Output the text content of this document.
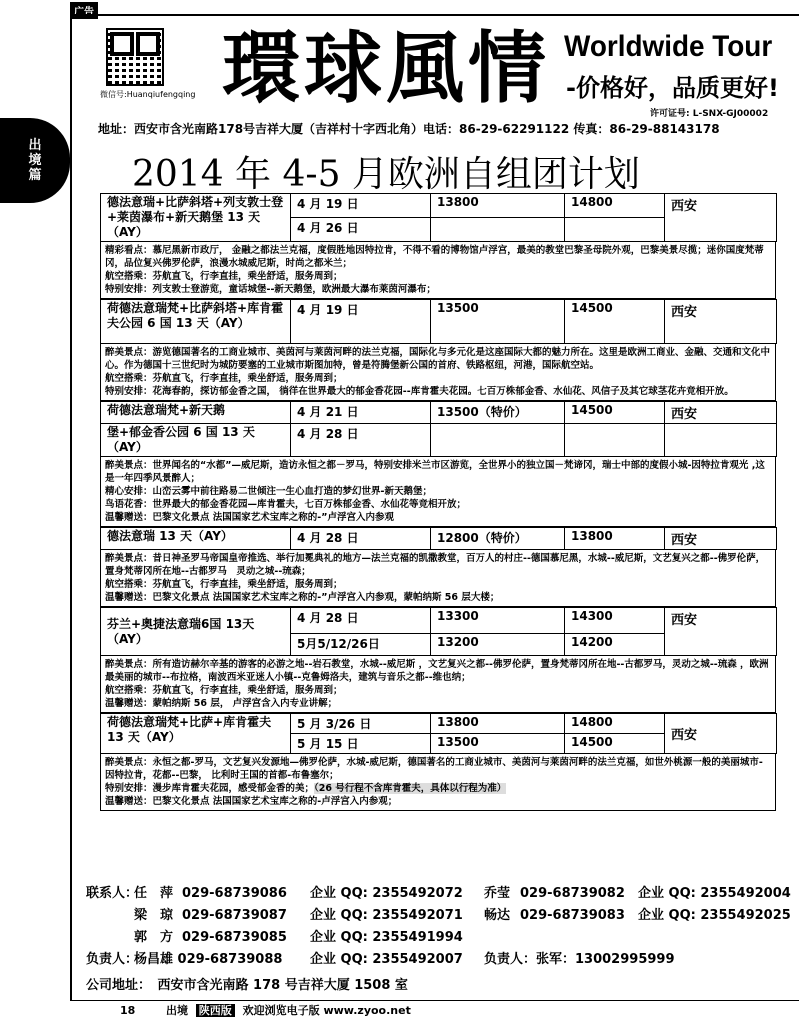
广告
出
境
篇
微信号:Huanqiufengqing 環球風情 Worldwide Tour
-价格好，品质更好!
许可证号: L-SNX-GJ00002
地址：西安市含光南路178号吉祥大厦（吉祥村十字西北角）电话：86-29-62291122 传真：86-29-88143178
2014 年 4-5 月欧洲自组团计划
德法意瑞+比萨斜塔+列支敦士登+莱茵瀑布+新天鹅堡 13 天（AY）	4 月 19 日	13800	14800	西安
	4 月 26 日			

精彩看点：慕尼黑新市政厅， 金融之都法兰克福，度假胜地因特拉肯，不得不看的博物馆卢浮宫，最美的教堂巴黎圣母院外观，巴黎美景尽揽；迷你国度梵蒂冈，品位复兴佛罗伦萨，浪漫水城威尼斯，时尚之都米兰；

航空搭乘：芬航直飞，行李直挂，乘坐舒适，服务周到；

特别安排：列支敦士登游览，童话城堡--新天鹅堡，欧洲最大瀑布莱茵河瀑布；

荷德法意瑞梵+比萨斜塔+库肯霍夫公园 6 国 13 天（AY）	4 月 19 日	13500	14500	西安

醉美景点：游览德国著名的工商业城市、美茵河与莱茵河畔的法兰克福，国际化与多元化是这座国际大都的魅力所在。这里是欧洲工商业、金融、交通和文化中心。作为德国十三世纪时为城防要塞的工业城市斯图加特，曾是符腾堡新公国的首府、铁路枢纽，河港，国际航空站。

航空搭乘：芬航直飞，行李直挂，乘坐舒适，服务周到；

特别安排：花海春韵，探访郁金香之国， 徜徉在世界最大的郁金香花园--库肯霍夫花园。七百万株郁金香、水仙花、风信子及其它球茎花卉竞相开放。

荷德法意瑞梵+新天鹅	4 月 21 日	13500（特价）	14500	西安
堡+郁金香公园 6 国 13 天（AY）	4 月 28 日			

醉美景点：世界闻名的“水都”—威尼斯，造访永恒之都－罗马，特别安排米兰市区游览，全世界小的独立国－梵谛冈，瑞士中部的度假小城-因特拉肯观光 ,这是一年四季风景醉人；

精心安排：山峦云雾中前往路易二世倾注一生心血打造的梦幻世界-新天鹅堡；

鸟语花香：世界最大的郁金香花园—库肯霍夫，七百万株郁金香、水仙花等竞相开放；

温馨赠送：巴黎文化景点 法国国家艺术宝库之称的-”卢浮宫入内参观

德法意瑞 13 天（AY）	4 月 28 日	12800（特价）	13800	西安

醉美景点：昔日神圣罗马帝国皇帝推选、举行加冕典礼的地方—法兰克福的凯撒教堂，百万人的村庄--德国慕尼黑，水城--威尼斯，文艺复兴之都--佛罗伦萨，置身梵蒂冈所在地--古都罗马　灵动之城--琉森；

航空搭乘：芬航直飞，行李直挂，乘坐舒适，服务周到；

温馨赠送：巴黎文化景点 法国国家艺术宝库之称的-”卢浮宫入内参观，蒙帕纳斯 56 层大楼；

芬兰+奥捷法意瑞6国 13天（AY）	4 月 28 日	13300	14300	西安
	5月5/12/26日	13200	14200	

醉美景点：所有造访赫尔辛基的游客的必游之地--岩石教堂，水城--威尼斯 ，文艺复兴之都--佛罗伦萨，置身梵蒂冈所在地--古都罗马，灵动之城--琉森 ，欧洲最美丽的城市--布拉格，南波西米亚迷人小镇--克鲁姆洛夫，建筑与音乐之都--维也纳；

航空搭乘：芬航直飞，行李直挂，乘坐舒适，服务周到；

温馨赠送：蒙帕纳斯 56 层， 卢浮宫含入内专业讲解；

荷德法意瑞梵+比萨+库肯霍夫 13 天（AY）	5 月 3/26 日	13800	14800	西安
	5 月 15 日	13500	14500	

醉美景点：永恒之都-罗马，文艺复兴发源地—佛罗伦萨，水城-威尼斯，德国著名的工商业城市、美茵河与莱茵河畔的法兰克福，如世外桃源一般的美丽城市-因特拉肯，花都--巴黎， 比利时王国的首都-布鲁塞尔；

特别安排：漫步库肯霍夫花园，感受郁金香的美；（26 号行程不含库肯霍夫，具体以行程为准）

温馨赠送：巴黎文化景点 法国国家艺术宝库之称的-卢浮宫入内参观；

联系人：任　萍 029-68739086 企业 QQ: 2355492072 乔莹 029-68739082 企业 QQ: 2355492004
梁　琼 029-68739087 企业 QQ: 2355492071 畅达 029-68739083 企业 QQ: 2355492025
郭　方 029-68739085 企业 QQ: 2355491994
负责人：杨昌雄 029-68739088 企业 QQ: 2355492007 负责人：张军：13002995999
公司地址：　西安市含光南路 178 号吉祥大厦 1508 室
18	出境 陕西版 欢迎浏览电子版 www.zyoo.net
